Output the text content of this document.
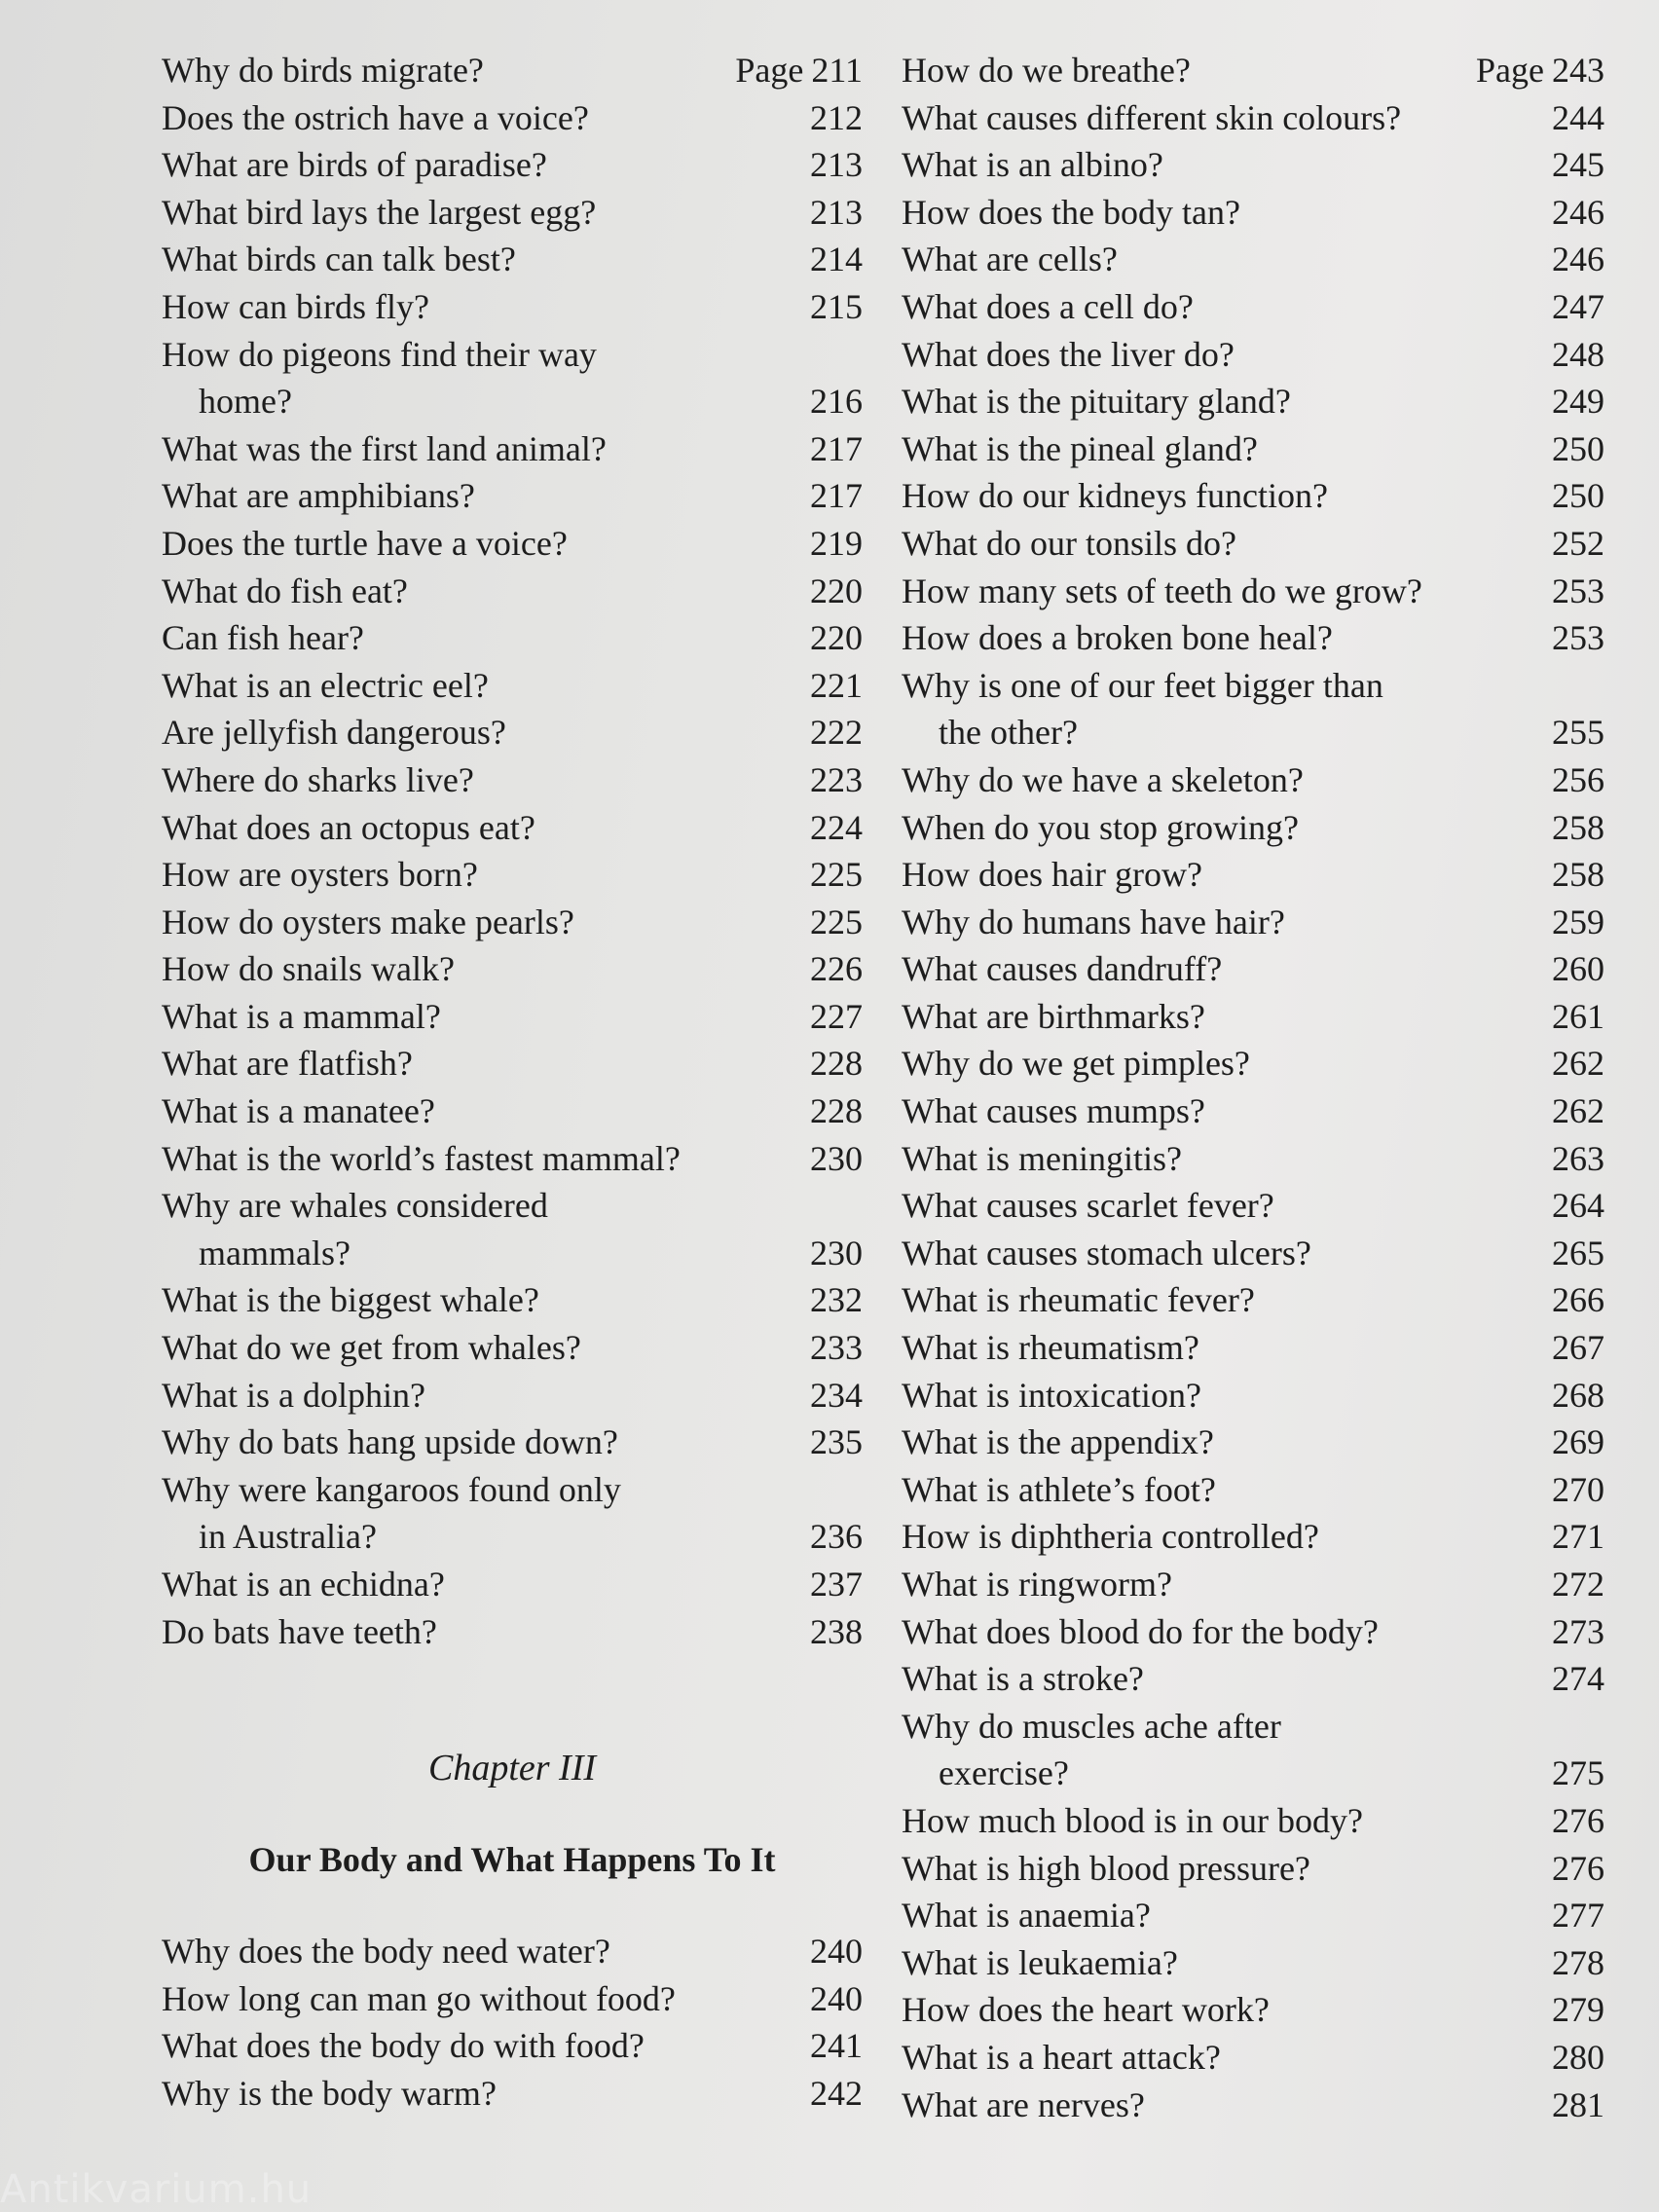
Why do birds migrate?	Page 211
Does the ostrich have a voice?	212
What are birds of paradise?	213
What bird lays the largest egg?	213
What birds can talk best?	214
How can birds fly?	215
How do pigeons find their way
home?	216
What was the first land animal?	217
What are amphibians?	217
Does the turtle have a voice?	219
What do fish eat?	220
Can fish hear?	220
What is an electric eel?	221
Are jellyfish dangerous?	222
Where do sharks live?	223
What does an octopus eat?	224
How are oysters born?	225
How do oysters make pearls?	225
How do snails walk?	226
What is a mammal?	227
What are flatfish?	228
What is a manatee?	228
What is the world’s fastest mammal?	230
Why are whales considered
mammals?	230
What is the biggest whale?	232
What do we get from whales?	233
What is a dolphin?	234
Why do bats hang upside down?	235
Why were kangaroos found only
in Australia?	236
What is an echidna?	237
Do bats have teeth?	238
Chapter III
Our Body and What Happens To It
Why does the body need water?	240
How long can man go without food?	240
What does the body do with food?	241
Why is the body warm?	242
How do we breathe?	Page 243
What causes different skin colours?	244
What is an albino?	245
How does the body tan?	246
What are cells?	246
What does a cell do?	247
What does the liver do?	248
What is the pituitary gland?	249
What is the pineal gland?	250
How do our kidneys function?	250
What do our tonsils do?	252
How many sets of teeth do we grow?	253
How does a broken bone heal?	253
Why is one of our feet bigger than
the other?	255
Why do we have a skeleton?	256
When do you stop growing?	258
How does hair grow?	258
Why do humans have hair?	259
What causes dandruff?	260
What are birthmarks?	261
Why do we get pimples?	262
What causes mumps?	262
What is meningitis?	263
What causes scarlet fever?	264
What causes stomach ulcers?	265
What is rheumatic fever?	266
What is rheumatism?	267
What is intoxication?	268
What is the appendix?	269
What is athlete’s foot?	270
How is diphtheria controlled?	271
What is ringworm?	272
What does blood do for the body?	273
What is a stroke?	274
Why do muscles ache after
exercise?	275
How much blood is in our body?	276
What is high blood pressure?	276
What is anaemia?	277
What is leukaemia?	278
How does the heart work?	279
What is a heart attack?	280
What are nerves?	281
Antikvarium.hu
